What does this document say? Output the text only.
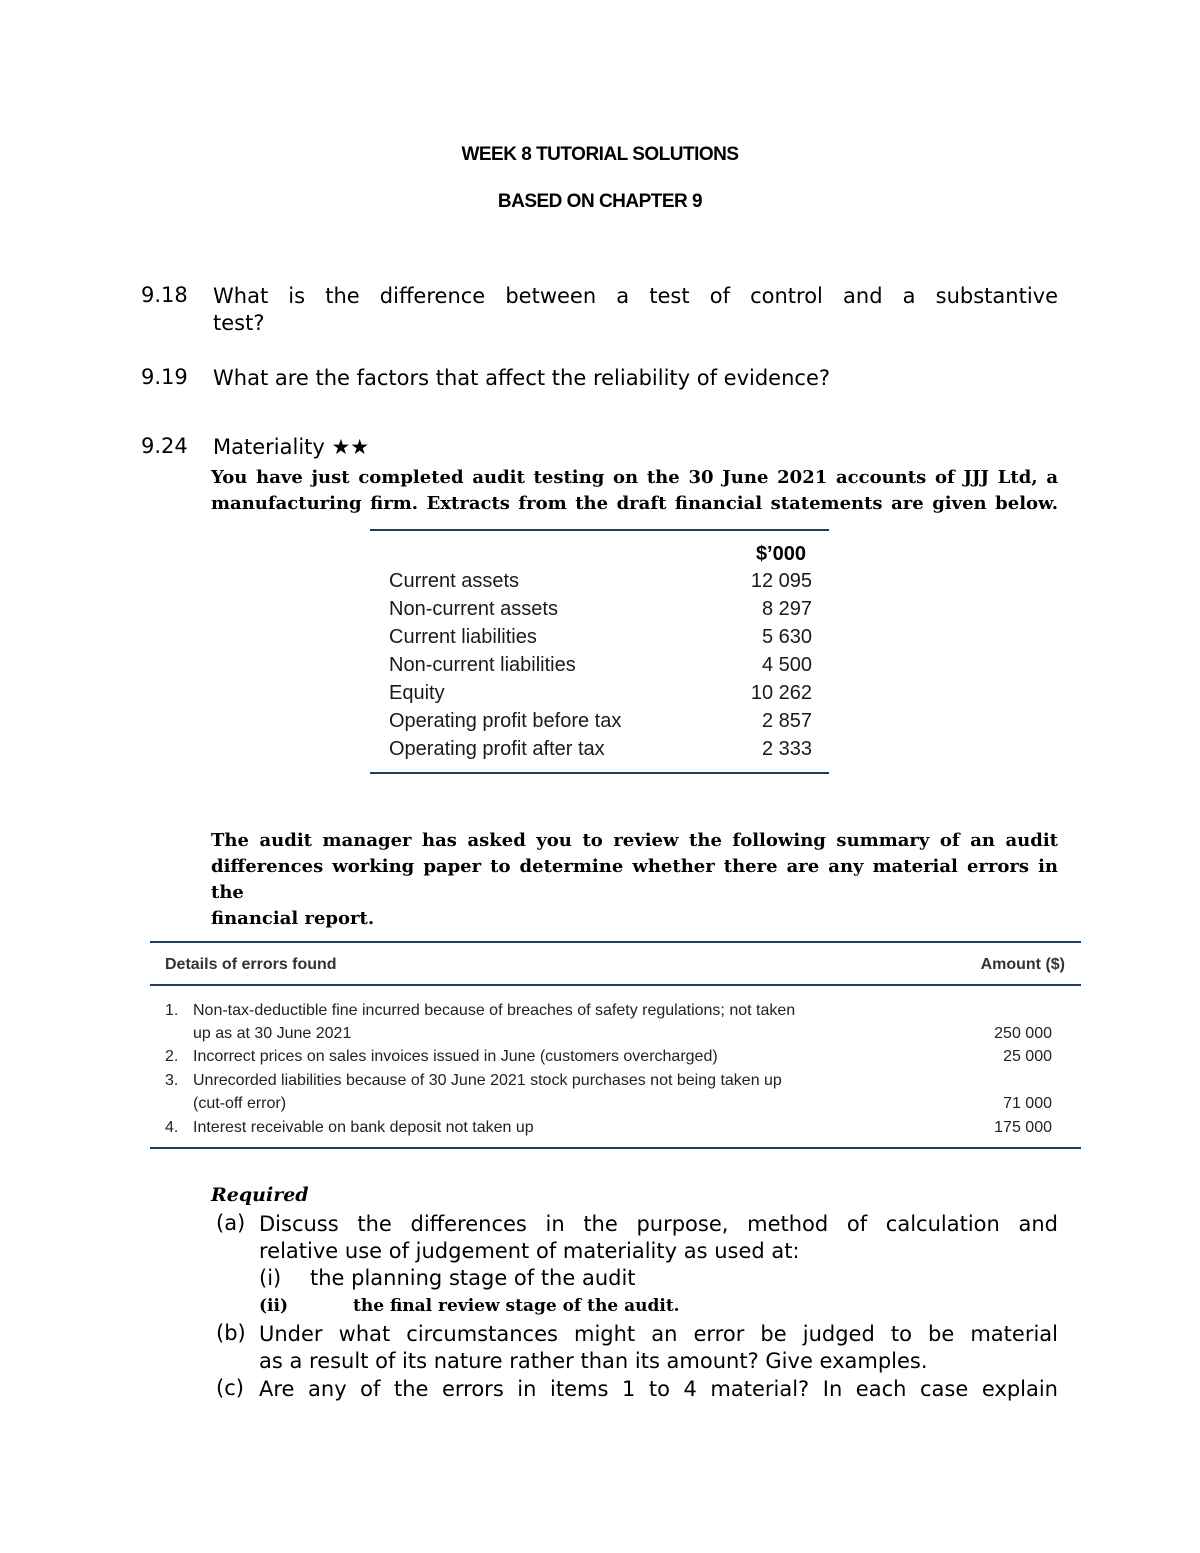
WEEK 8 TUTORIAL SOLUTIONS
BASED ON CHAPTER 9
9.18 What is the difference between a test of control and a substantive
test?
9.19 What are the factors that affect the reliability of evidence?
9.24 Materiality ★★
You have just completed audit testing on the 30 June 2021 accounts of JJJ Ltd, a
manufacturing firm. Extracts from the draft financial statements are given below.
$’000
Current assets	12 095
Non-current assets	8 297
Current liabilities	5 630
Non-current liabilities	4 500
Equity	10 262
Operating profit before tax	2 857
Operating profit after tax	2 333
The audit manager has asked you to review the following summary of an audit
differences working paper to determine whether there are any material errors in the
financial report.
Details of errors found	Amount ($)
1. Non-tax-deductible fine incurred because of breaches of safety regulations; not taken
up as at 30 June 2021	250 000
2. Incorrect prices on sales invoices issued in June (customers overcharged)	25 000
3. Unrecorded liabilities because of 30 June 2021 stock purchases not being taken up
(cut-off error)	71 000
4. Interest receivable on bank deposit not taken up	175 000
Required
(a) Discuss the differences in the purpose, method of calculation and
relative use of judgement of materiality as used at:
(i) the planning stage of the audit
(ii)	the final review stage of the audit.
(b) Under what circumstances might an error be judged to be material
as a result of its nature rather than its amount? Give examples.
(c) Are any of the errors in items 1 to 4 material? In each case explain
